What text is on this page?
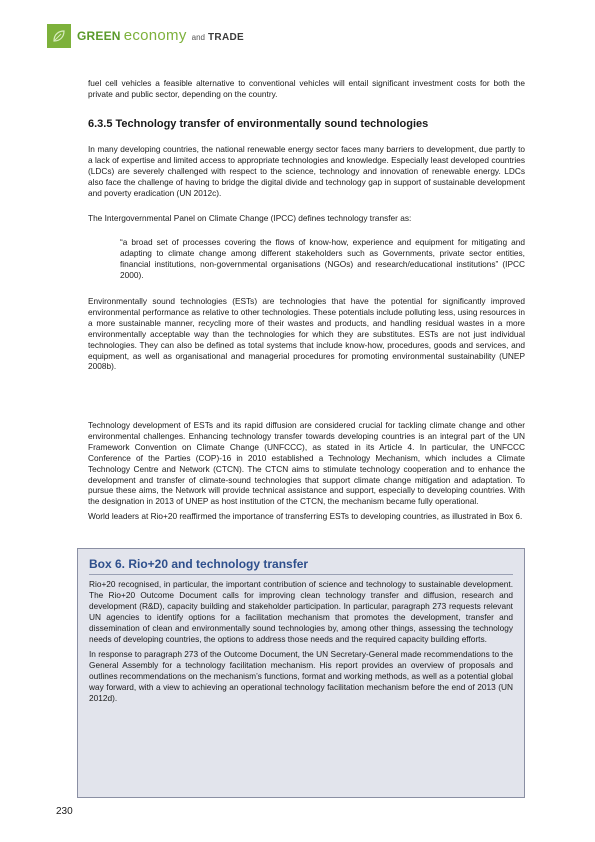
GREEN economy and TRADE

fuel cell vehicles a feasible alternative to conventional vehicles will entail significant investment costs for both the private and public sector, depending on the country.

6.3.5 Technology transfer of environmentally sound technologies

In many developing countries, the national renewable energy sector faces many barriers to development, due partly to a lack of expertise and limited access to appropriate technologies and knowledge. Especially least developed countries (LDCs) are severely challenged with respect to the science, technology and innovation of renewable energy. LDCs also face the challenge of having to bridge the digital divide and technology gap in support of sustainable development and poverty eradication (UN 2012c).

The Intergovernmental Panel on Climate Change (IPCC) defines technology transfer as:

“a broad set of processes covering the flows of know-how, experience and equipment for mitigating and adapting to climate change among different stakeholders such as Governments, private sector entities, financial institutions, non-governmental organisations (NGOs) and research/educational institutions” (IPCC 2000).

Environmentally sound technologies (ESTs) are technologies that have the potential for significantly improved environmental performance as relative to other technologies. These potentials include polluting less, using resources in a more sustainable manner, recycling more of their wastes and products, and handling residual wastes in a more environmentally acceptable way than the technologies for which they are substitutes. ESTs are not just individual technologies. They can also be defined as total systems that include know-how, procedures, goods and services, and equipment, as well as organisational and managerial procedures for promoting environmental sustainability (UNEP 2008b).

Technology development of ESTs and its rapid diffusion are considered crucial for tackling climate change and other environmental challenges. Enhancing technology transfer towards developing countries is an integral part of the UN Framework Convention on Climate Change (UNFCCC), as stated in its Article 4. In particular, the UNFCCC Conference of the Parties (COP)-16 in 2010 established a Technology Mechanism, which includes a Climate Technology Centre and Network (CTCN). The CTCN aims to stimulate technology cooperation and to enhance the development and transfer of climate-sound technologies that support climate change mitigation and adaptation. To pursue these aims, the Network will provide technical assistance and support, especially to developing countries. With the designation in 2013 of UNEP as host institution of the CTCN, the mechanism became fully operational.

World leaders at Rio+20 reaffirmed the importance of transferring ESTs to developing countries, as illustrated in Box 6.

Box 6. Rio+20 and technology transfer

Rio+20 recognised, in particular, the important contribution of science and technology to sustainable development. The Rio+20 Outcome Document calls for improving clean technology transfer and diffusion, research and development (R&D), capacity building and stakeholder participation. In particular, paragraph 273 requests relevant UN agencies to identify options for a facilitation mechanism that promotes the development, transfer and dissemination of clean and environmentally sound technologies by, among other things, assessing the technology needs of developing countries, the options to address those needs and the required capacity building efforts.

In response to paragraph 273 of the Outcome Document, the UN Secretary-General made recommendations to the General Assembly for a technology facilitation mechanism. His report provides an overview of proposals and outlines recommendations on the mechanism’s functions, format and working methods, as well as a potential global way forward, with a view to achieving an operational technology facilitation mechanism before the end of 2013 (UN 2012d).

230
